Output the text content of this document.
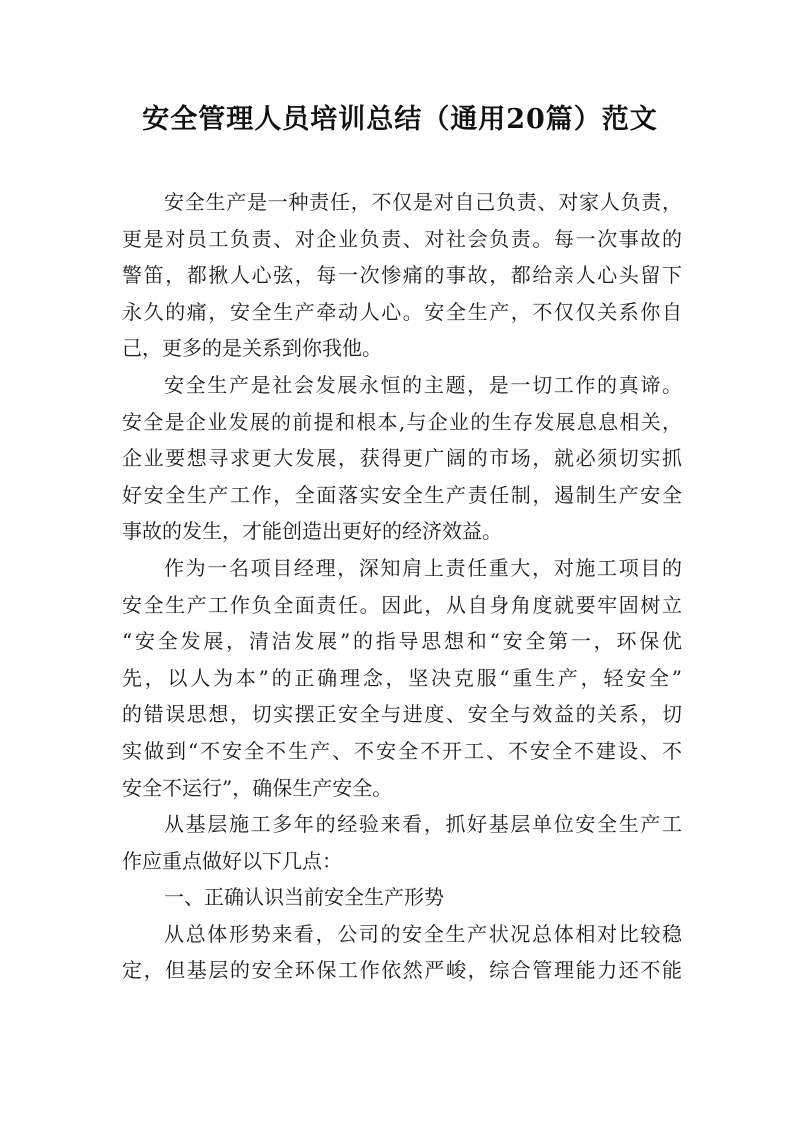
安全管理人员培训总结（通用20篇）范文
安全生产是一种责任，不仅是对自己负责、对家人负责，
更是对员工负责、对企业负责、对社会负责。每一次事故的
警笛，都揪人心弦，每一次惨痛的事故，都给亲人心头留下
永久的痛，安全生产牵动人心。安全生产，不仅仅关系你自
己，更多的是关系到你我他。
安全生产是社会发展永恒的主题，是一切工作的真谛。
安全是企业发展的前提和根本,与企业的生存发展息息相关，
企业要想寻求更大发展，获得更广阔的市场，就必须切实抓
好安全生产工作，全面落实安全生产责任制，遏制生产安全
事故的发生，才能创造出更好的经济效益。
作为一名项目经理，深知肩上责任重大，对施工项目的
安全生产工作负全面责任。因此，从自身角度就要牢固树立
“安全发展，清洁发展”的指导思想和“安全第一，环保优
先，以人为本”的正确理念，坚决克服“重生产，轻安全”
的错误思想，切实摆正安全与进度、安全与效益的关系，切
实做到“不安全不生产、不安全不开工、不安全不建设、不
安全不运行”，确保生产安全。
从基层施工多年的经验来看，抓好基层单位安全生产工
作应重点做好以下几点：
一、正确认识当前安全生产形势
从总体形势来看，公司的安全生产状况总体相对比较稳
定，但基层的安全环保工作依然严峻，综合管理能力还不能
